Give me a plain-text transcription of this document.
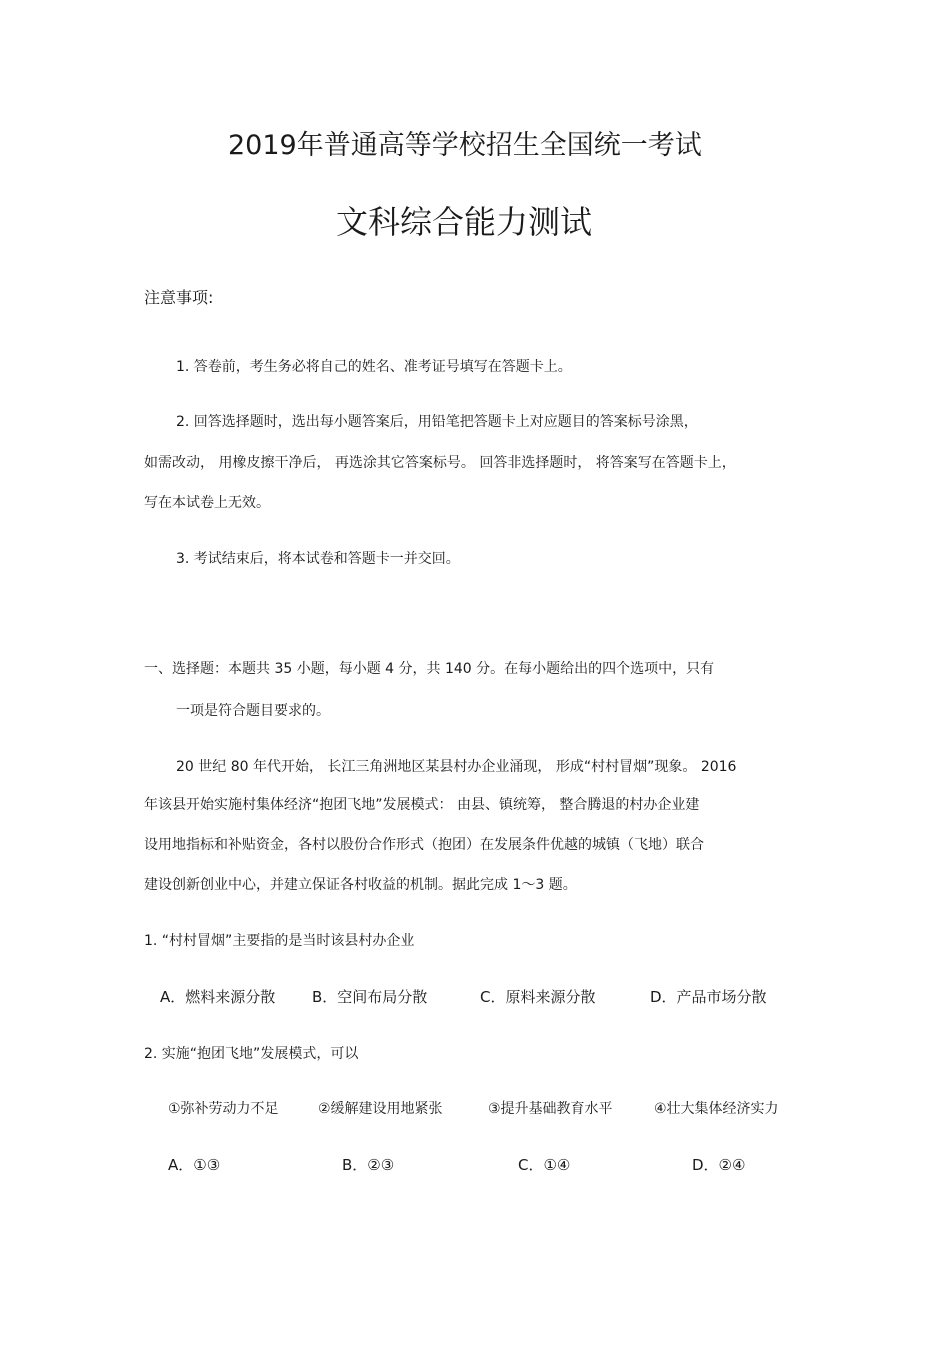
2019年普通高等学校招生全国统一考试
文科综合能力测试
注意事项:
1. 答卷前，考生务必将自己的姓名、准考证号填写在答题卡上。
2. 回答选择题时，选出每小题答案后，用铅笔把答题卡上对应题目的答案标号涂黑，
如需改动， 用橡皮擦干净后， 再选涂其它答案标号。 回答非选择题时， 将答案写在答题卡上，
写在本试卷上无效。
3. 考试结束后，将本试卷和答题卡一并交回。
一、选择题：本题共 35 小题，每小题 4 分，共 140 分。在每小题给出的四个选项中，只有
一项是符合题目要求的。
20 世纪 80 年代开始， 长江三角洲地区某县村办企业涌现， 形成“村村冒烟”现象。 2016
年该县开始实施村集体经济“抱团飞地”发展模式： 由县、镇统筹， 整合腾退的村办企业建
设用地指标和补贴资金，各村以股份合作形式（抱团）在发展条件优越的城镇（飞地）联合
建设创新创业中心，并建立保证各村收益的机制。据此完成 1～3 题。
1. “村村冒烟”主要指的是当时该县村办企业
A．燃料来源分散 B．空间布局分散	C．原料来源分散	D．产品市场分散
2. 实施“抱团飞地”发展模式，可以
①弥补劳动力不足	②缓解建设用地紧张	③提升基础教育水平	④壮大集体经济实力
A．①③	B．②③	C．①④	D．②④
